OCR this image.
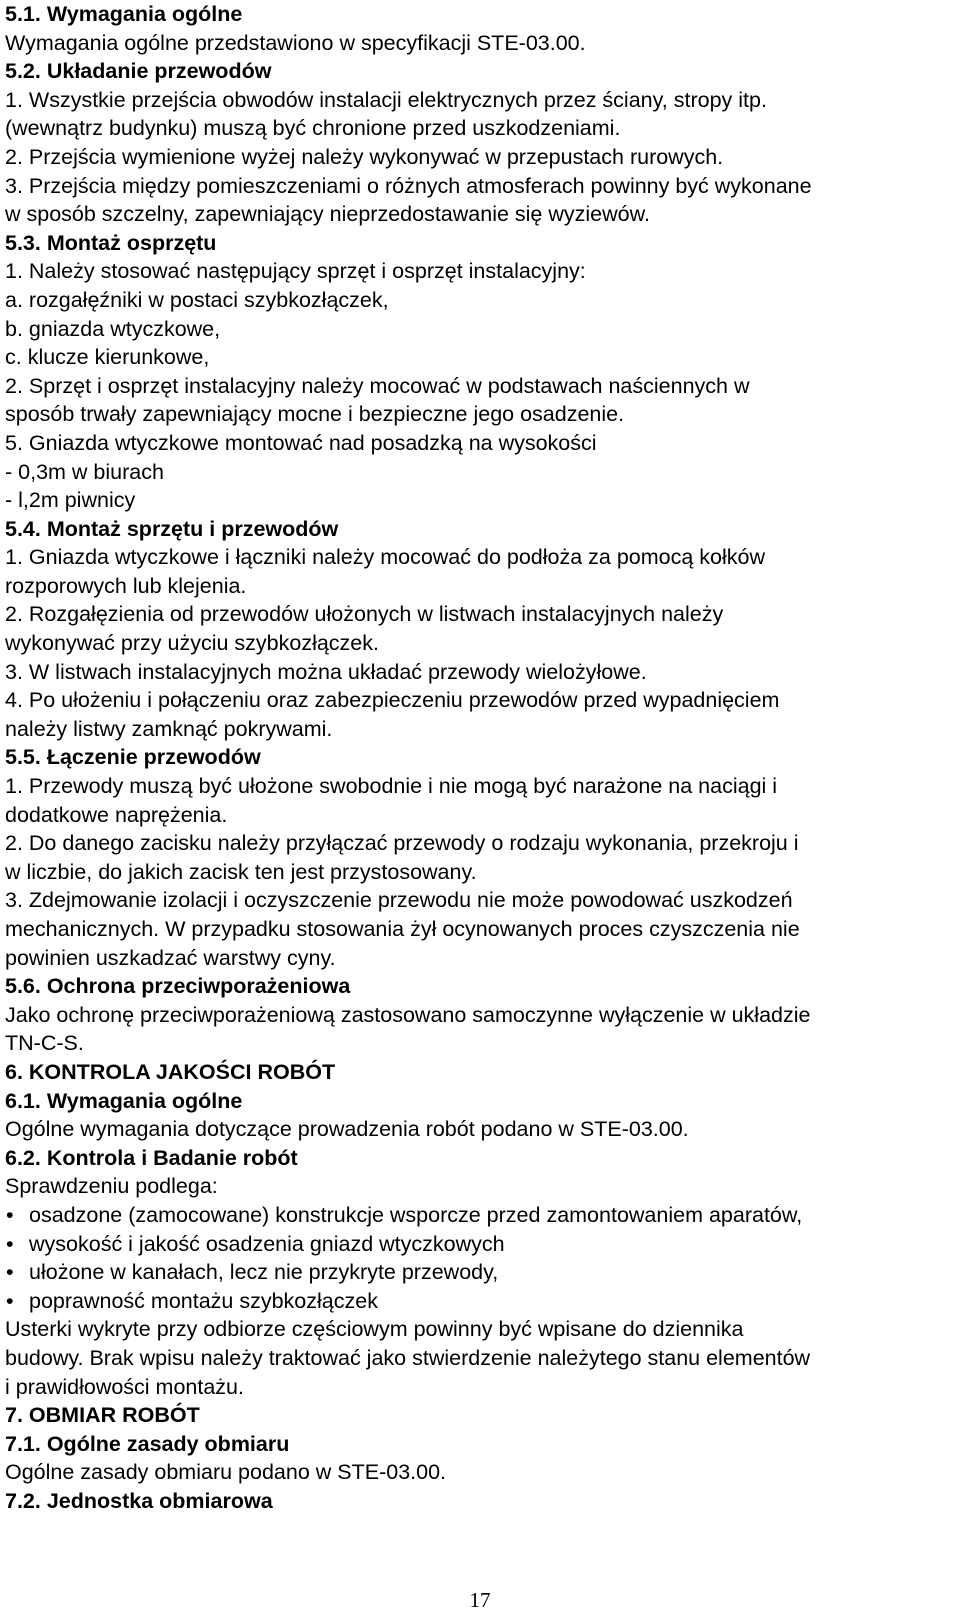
5.1. Wymagania ogólne
Wymagania ogólne przedstawiono w specyfikacji STE-03.00.
5.2. Układanie przewodów
1. Wszystkie przejścia obwodów instalacji elektrycznych przez ściany, stropy itp.
(wewnątrz budynku) muszą być chronione przed uszkodzeniami.
2. Przejścia wymienione wyżej należy wykonywać w przepustach rurowych.
3. Przejścia między pomieszczeniami o różnych atmosferach powinny być wykonane
w sposób szczelny, zapewniający nieprzedostawanie się wyziewów.
5.3. Montaż osprzętu
1. Należy stosować następujący sprzęt i osprzęt instalacyjny:
a. rozgałęźniki w postaci szybkozłączek,
b. gniazda wtyczkowe,
c. klucze kierunkowe,
2. Sprzęt i osprzęt instalacyjny należy mocować w podstawach naściennych w
sposób trwały zapewniający mocne i bezpieczne jego osadzenie.
5. Gniazda wtyczkowe montować nad posadzką na wysokości
- 0,3m w biurach
- l,2m piwnicy
5.4. Montaż sprzętu i przewodów
1. Gniazda wtyczkowe i łączniki należy mocować do podłoża za pomocą kołków
rozporowych lub klejenia.
2. Rozgałęzienia od przewodów ułożonych w listwach instalacyjnych należy
wykonywać przy użyciu szybkozłączek.
3. W listwach instalacyjnych można układać przewody wielożyłowe.
4. Po ułożeniu i połączeniu oraz zabezpieczeniu przewodów przed wypadnięciem
należy listwy zamknąć pokrywami.
5.5. Łączenie przewodów
1. Przewody muszą być ułożone swobodnie i nie mogą być narażone na naciągi i
dodatkowe naprężenia.
2. Do danego zacisku należy przyłączać przewody o rodzaju wykonania, przekroju i
w liczbie, do jakich zacisk ten jest przystosowany.
3. Zdejmowanie izolacji i oczyszczenie przewodu nie może powodować uszkodzeń
mechanicznych. W przypadku stosowania żył ocynowanych proces czyszczenia nie
powinien uszkadzać warstwy cyny.
5.6. Ochrona przeciwporażeniowa
Jako ochronę przeciwporażeniową zastosowano samoczynne wyłączenie w układzie
TN-C-S.
6. KONTROLA JAKOŚCI ROBÓT
6.1. Wymagania ogólne
Ogólne wymagania dotyczące prowadzenia robót podano w STE-03.00.
6.2. Kontrola i Badanie robót
Sprawdzeniu podlega:
• osadzone (zamocowane) konstrukcje wsporcze przed zamontowaniem aparatów,
• wysokość i jakość osadzenia gniazd wtyczkowych
• ułożone w kanałach, lecz nie przykryte przewody,
• poprawność montażu szybkozłączek
Usterki wykryte przy odbiorze częściowym powinny być wpisane do dziennika
budowy. Brak wpisu należy traktować jako stwierdzenie należytego stanu elementów
i prawidłowości montażu.
7. OBMIAR ROBÓT
7.1. Ogólne zasady obmiaru
Ogólne zasady obmiaru podano w STE-03.00.
7.2. Jednostka obmiarowa
17
